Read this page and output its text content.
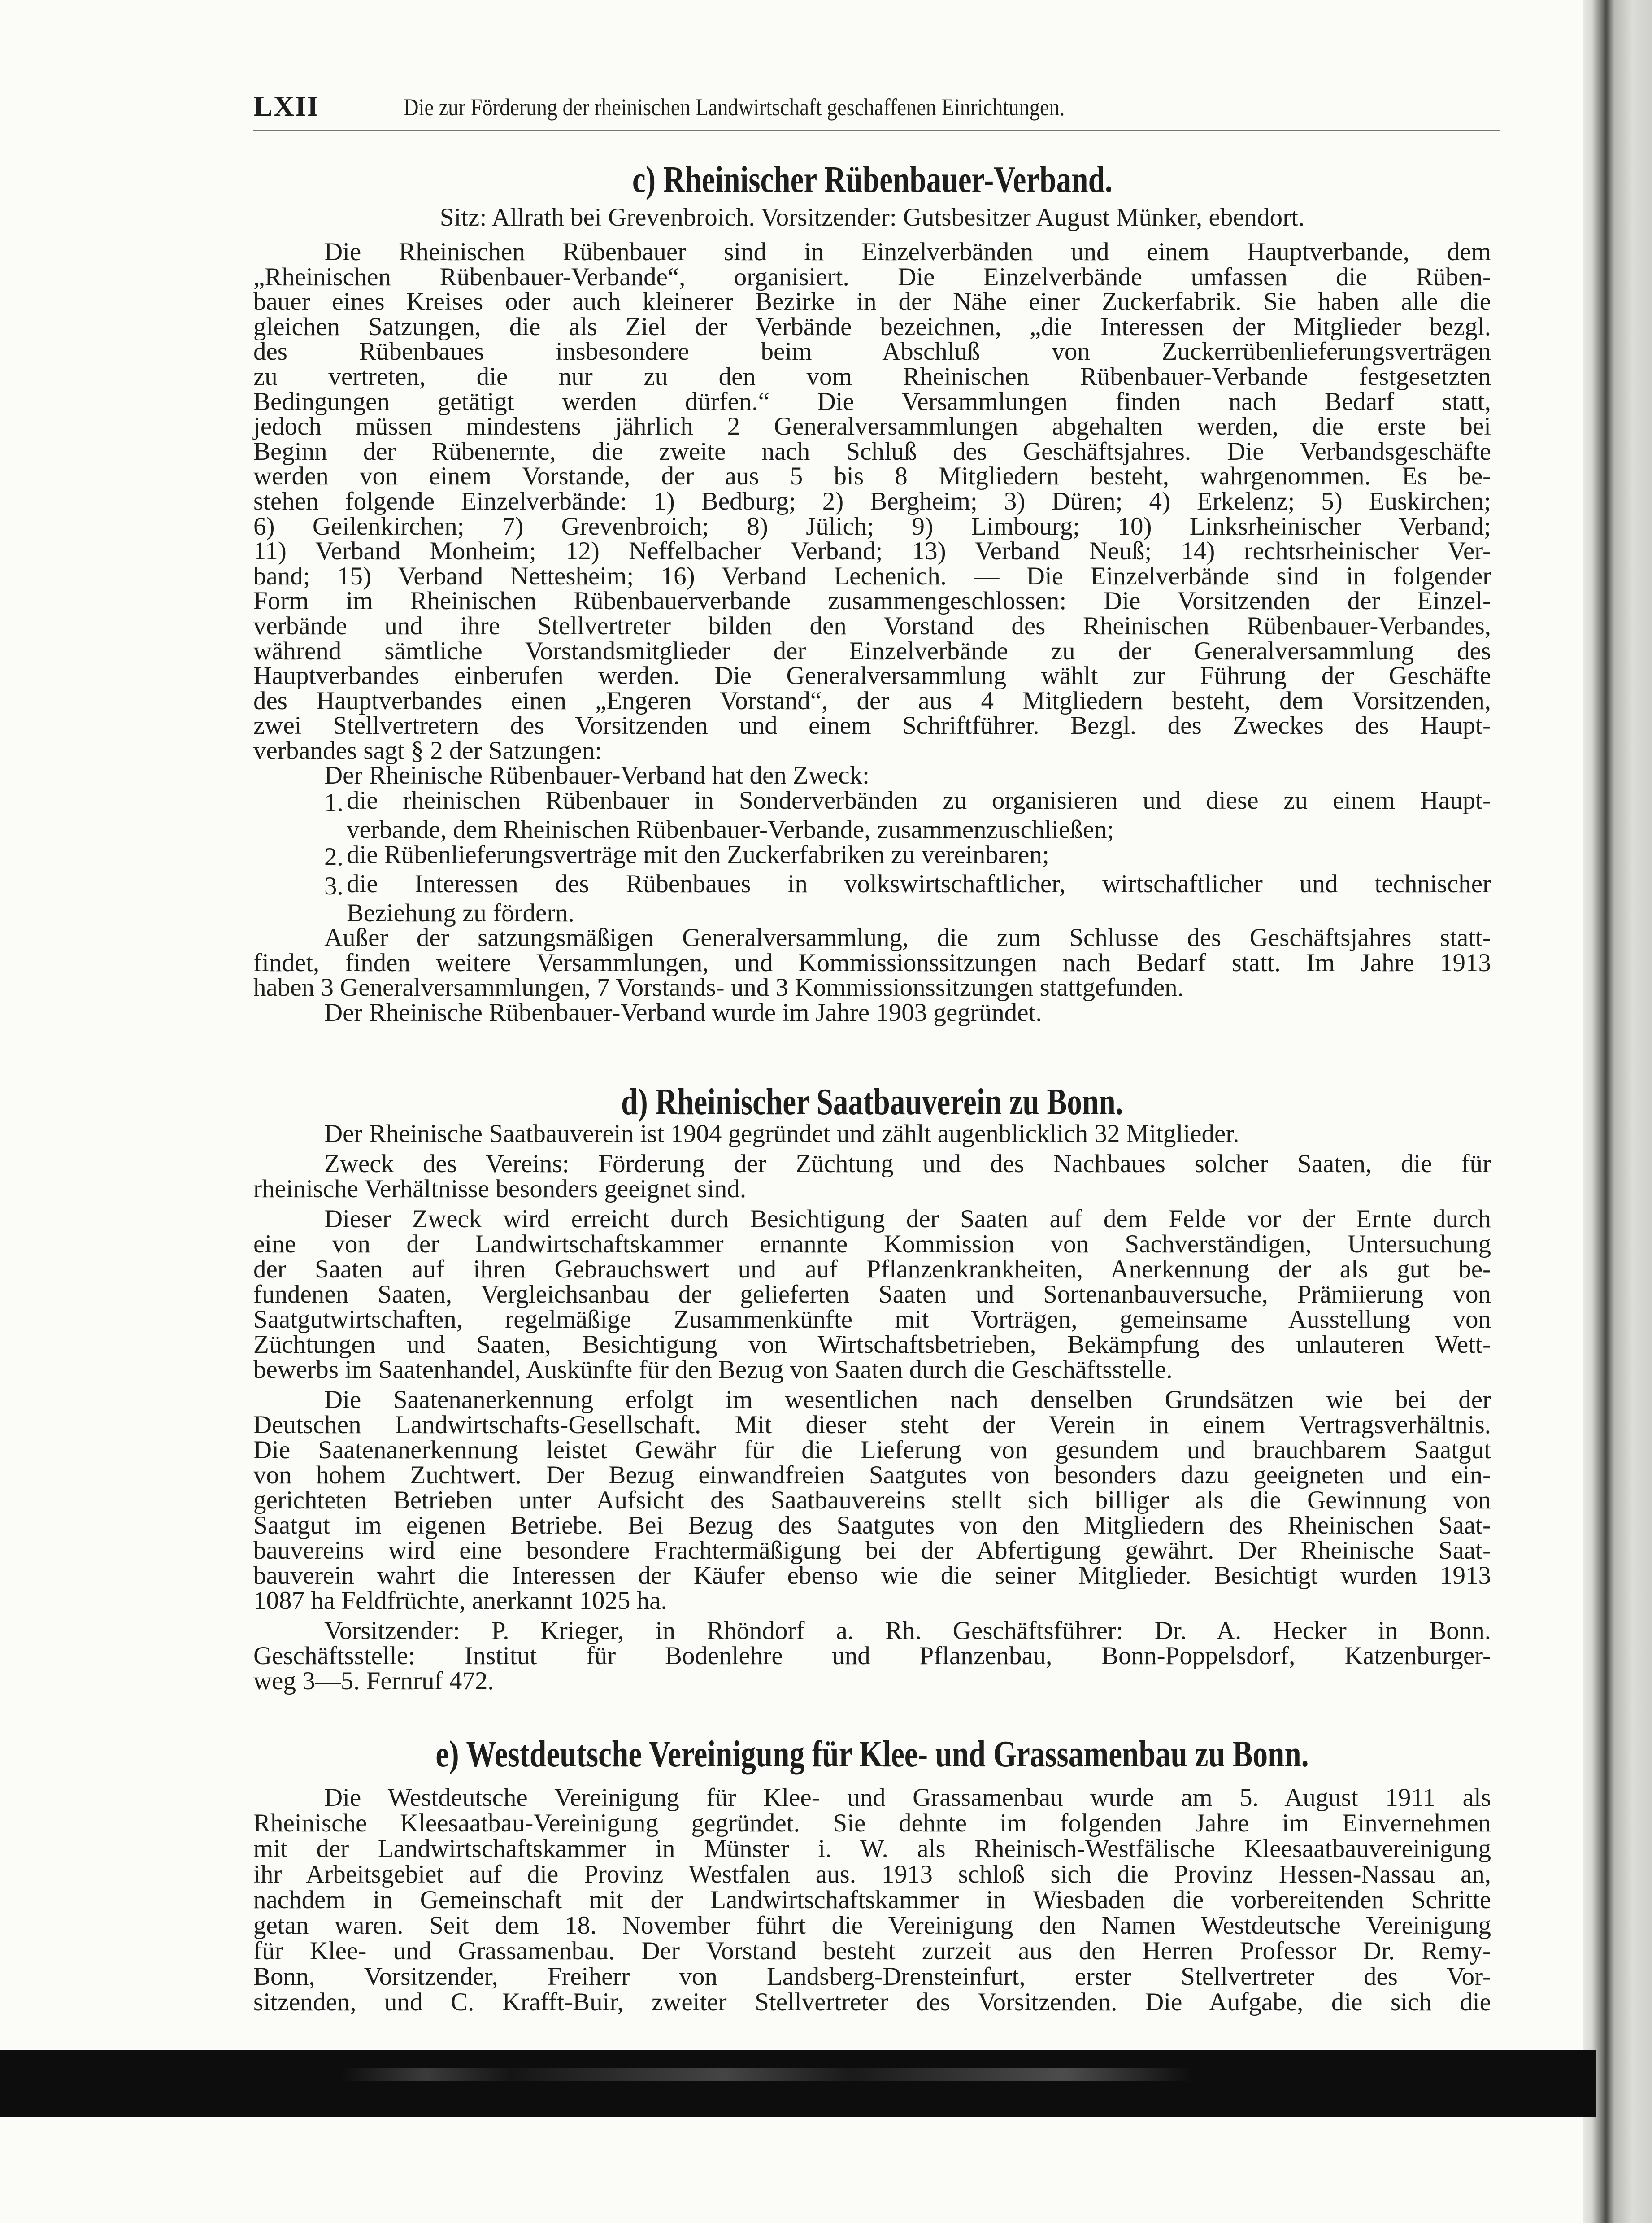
LXII	Die zur Förderung der rheinischen Landwirtschaft geschaffenen Einrichtungen.
c) Rheinischer Rübenbauer-Verband.
Sitz: Allrath bei Grevenbroich. Vorsitzender: Gutsbesitzer August Münker, ebendort.
Die Rheinischen Rübenbauer sind in Einzelverbänden und einem Hauptverbande, dem
„Rheinischen Rübenbauer-Verbande“, organisiert. Die Einzelverbände umfassen die Rüben-
bauer eines Kreises oder auch kleinerer Bezirke in der Nähe einer Zuckerfabrik. Sie haben alle die
gleichen Satzungen, die als Ziel der Verbände bezeichnen, „die Interessen der Mitglieder bezgl.
des Rübenbaues insbesondere beim Abschluß von Zuckerrübenlieferungsverträgen
zu vertreten, die nur zu den vom Rheinischen Rübenbauer-Verbande festgesetzten
Bedingungen getätigt werden dürfen.“ Die Versammlungen finden nach Bedarf statt,
jedoch müssen mindestens jährlich 2 Generalversammlungen abgehalten werden, die erste bei
Beginn der Rübenernte, die zweite nach Schluß des Geschäftsjahres. Die Verbandsgeschäfte
werden von einem Vorstande, der aus 5 bis 8 Mitgliedern besteht, wahrgenommen. Es be-
stehen folgende Einzelverbände: 1) Bedburg; 2) Bergheim; 3) Düren; 4) Erkelenz; 5) Euskirchen;
6) Geilenkirchen; 7) Grevenbroich; 8) Jülich; 9) Limbourg; 10) Linksrheinischer Verband;
11) Verband Monheim; 12) Neffelbacher Verband; 13) Verband Neuß; 14) rechtsrheinischer Ver-
band; 15) Verband Nettesheim; 16) Verband Lechenich. — Die Einzelverbände sind in folgender
Form im Rheinischen Rübenbauerverbande zusammengeschlossen: Die Vorsitzenden der Einzel-
verbände und ihre Stellvertreter bilden den Vorstand des Rheinischen Rübenbauer-Verbandes,
während sämtliche Vorstandsmitglieder der Einzelverbände zu der Generalversammlung des
Hauptverbandes einberufen werden. Die Generalversammlung wählt zur Führung der Geschäfte
des Hauptverbandes einen „Engeren Vorstand“, der aus 4 Mitgliedern besteht, dem Vorsitzenden,
zwei Stellvertretern des Vorsitzenden und einem Schriftführer. Bezgl. des Zweckes des Haupt-
verbandes sagt § 2 der Satzungen:
Der Rheinische Rübenbauer-Verband hat den Zweck:
1. die rheinischen Rübenbauer in Sonderverbänden zu organisieren und diese zu einem Haupt-
verbande, dem Rheinischen Rübenbauer-Verbande, zusammenzuschließen;
2. die Rübenlieferungsverträge mit den Zuckerfabriken zu vereinbaren;
3. die Interessen des Rübenbaues in volkswirtschaftlicher, wirtschaftlicher und technischer
Beziehung zu fördern.
Außer der satzungsmäßigen Generalversammlung, die zum Schlusse des Geschäftsjahres statt-
findet, finden weitere Versammlungen, und Kommissionssitzungen nach Bedarf statt. Im Jahre 1913
haben 3 Generalversammlungen, 7 Vorstands- und 3 Kommissionssitzungen stattgefunden.
Der Rheinische Rübenbauer-Verband wurde im Jahre 1903 gegründet.
d) Rheinischer Saatbauverein zu Bonn.
Der Rheinische Saatbauverein ist 1904 gegründet und zählt augenblicklich 32 Mitglieder.
Zweck des Vereins: Förderung der Züchtung und des Nachbaues solcher Saaten, die für
rheinische Verhältnisse besonders geeignet sind.
Dieser Zweck wird erreicht durch Besichtigung der Saaten auf dem Felde vor der Ernte durch
eine von der Landwirtschaftskammer ernannte Kommission von Sachverständigen, Untersuchung
der Saaten auf ihren Gebrauchswert und auf Pflanzenkrankheiten, Anerkennung der als gut be-
fundenen Saaten, Vergleichsanbau der gelieferten Saaten und Sortenanbauversuche, Prämiierung von
Saatgutwirtschaften, regelmäßige Zusammenkünfte mit Vorträgen, gemeinsame Ausstellung von
Züchtungen und Saaten, Besichtigung von Wirtschaftsbetrieben, Bekämpfung des unlauteren Wett-
bewerbs im Saatenhandel, Auskünfte für den Bezug von Saaten durch die Geschäftsstelle.
Die Saatenanerkennung erfolgt im wesentlichen nach denselben Grundsätzen wie bei der
Deutschen Landwirtschafts-Gesellschaft. Mit dieser steht der Verein in einem Vertragsverhältnis.
Die Saatenanerkennung leistet Gewähr für die Lieferung von gesundem und brauchbarem Saatgut
von hohem Zuchtwert. Der Bezug einwandfreien Saatgutes von besonders dazu geeigneten und ein-
gerichteten Betrieben unter Aufsicht des Saatbauvereins stellt sich billiger als die Gewinnung von
Saatgut im eigenen Betriebe. Bei Bezug des Saatgutes von den Mitgliedern des Rheinischen Saat-
bauvereins wird eine besondere Frachtermäßigung bei der Abfertigung gewährt. Der Rheinische Saat-
bauverein wahrt die Interessen der Käufer ebenso wie die seiner Mitglieder. Besichtigt wurden 1913
1087 ha Feldfrüchte, anerkannt 1025 ha.
Vorsitzender: P. Krieger, in Rhöndorf a. Rh. Geschäftsführer: Dr. A. Hecker in Bonn.
Geschäftsstelle: Institut für Bodenlehre und Pflanzenbau, Bonn-Poppelsdorf, Katzenburger-
weg 3—5. Fernruf 472.
e) Westdeutsche Vereinigung für Klee- und Grassamenbau zu Bonn.
Die Westdeutsche Vereinigung für Klee- und Grassamenbau wurde am 5. August 1911 als
Rheinische Kleesaatbau-Vereinigung gegründet. Sie dehnte im folgenden Jahre im Einvernehmen
mit der Landwirtschaftskammer in Münster i. W. als Rheinisch-Westfälische Kleesaatbauvereinigung
ihr Arbeitsgebiet auf die Provinz Westfalen aus. 1913 schloß sich die Provinz Hessen-Nassau an,
nachdem in Gemeinschaft mit der Landwirtschaftskammer in Wiesbaden die vorbereitenden Schritte
getan waren. Seit dem 18. November führt die Vereinigung den Namen Westdeutsche Vereinigung
für Klee- und Grassamenbau. Der Vorstand besteht zurzeit aus den Herren Professor Dr. Remy-
Bonn, Vorsitzender, Freiherr von Landsberg-Drensteinfurt, erster Stellvertreter des Vor-
sitzenden, und C. Krafft-Buir, zweiter Stellvertreter des Vorsitzenden. Die Aufgabe, die sich die
